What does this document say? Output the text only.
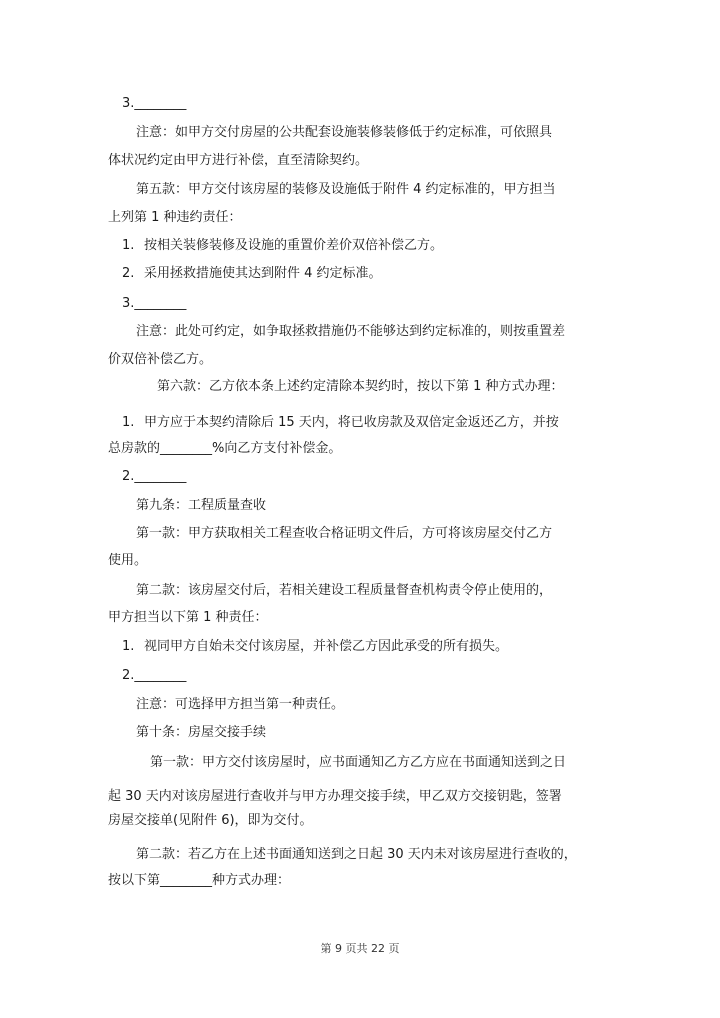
3.________
注意：如甲方交付房屋的公共配套设施装修装修低于约定标准，可依照具
体状况约定由甲方进行补偿，直至清除契约。
第五款：甲方交付该房屋的装修及设施低于附件 4 约定标准的，甲方担当
上列第 1 种违约责任：
1. 按相关装修装修及设施的重置价差价双倍补偿乙方。
2. 采用拯救措施使其达到附件 4 约定标准。
3.________
注意：此处可约定，如争取拯救措施仍不能够达到约定标准的，则按重置差
价双倍补偿乙方。
第六款：乙方依本条上述约定清除本契约时，按以下第 1 种方式办理：
1. 甲方应于本契约清除后 15 天内，将已收房款及双倍定金返还乙方，并按
总房款的________%向乙方支付补偿金。
2.________
第九条：工程质量查收
第一款：甲方获取相关工程查收合格证明文件后，方可将该房屋交付乙方
使用。
第二款：该房屋交付后，若相关建设工程质量督查机构责令停止使用的，
甲方担当以下第 1 种责任：
1. 视同甲方自始未交付该房屋，并补偿乙方因此承受的所有损失。
2.________
注意：可选择甲方担当第一种责任。
第十条：房屋交接手续
第一款：甲方交付该房屋时，应书面通知乙方乙方应在书面通知送到之日
起 30 天内对该房屋进行查收并与甲方办理交接手续，甲乙双方交接钥匙，签署
房屋交接单(见附件 6)，即为交付。
第二款：若乙方在上述书面通知送到之日起 30 天内未对该房屋进行查收的，
按以下第________种方式办理：
第 9 页共 22 页
